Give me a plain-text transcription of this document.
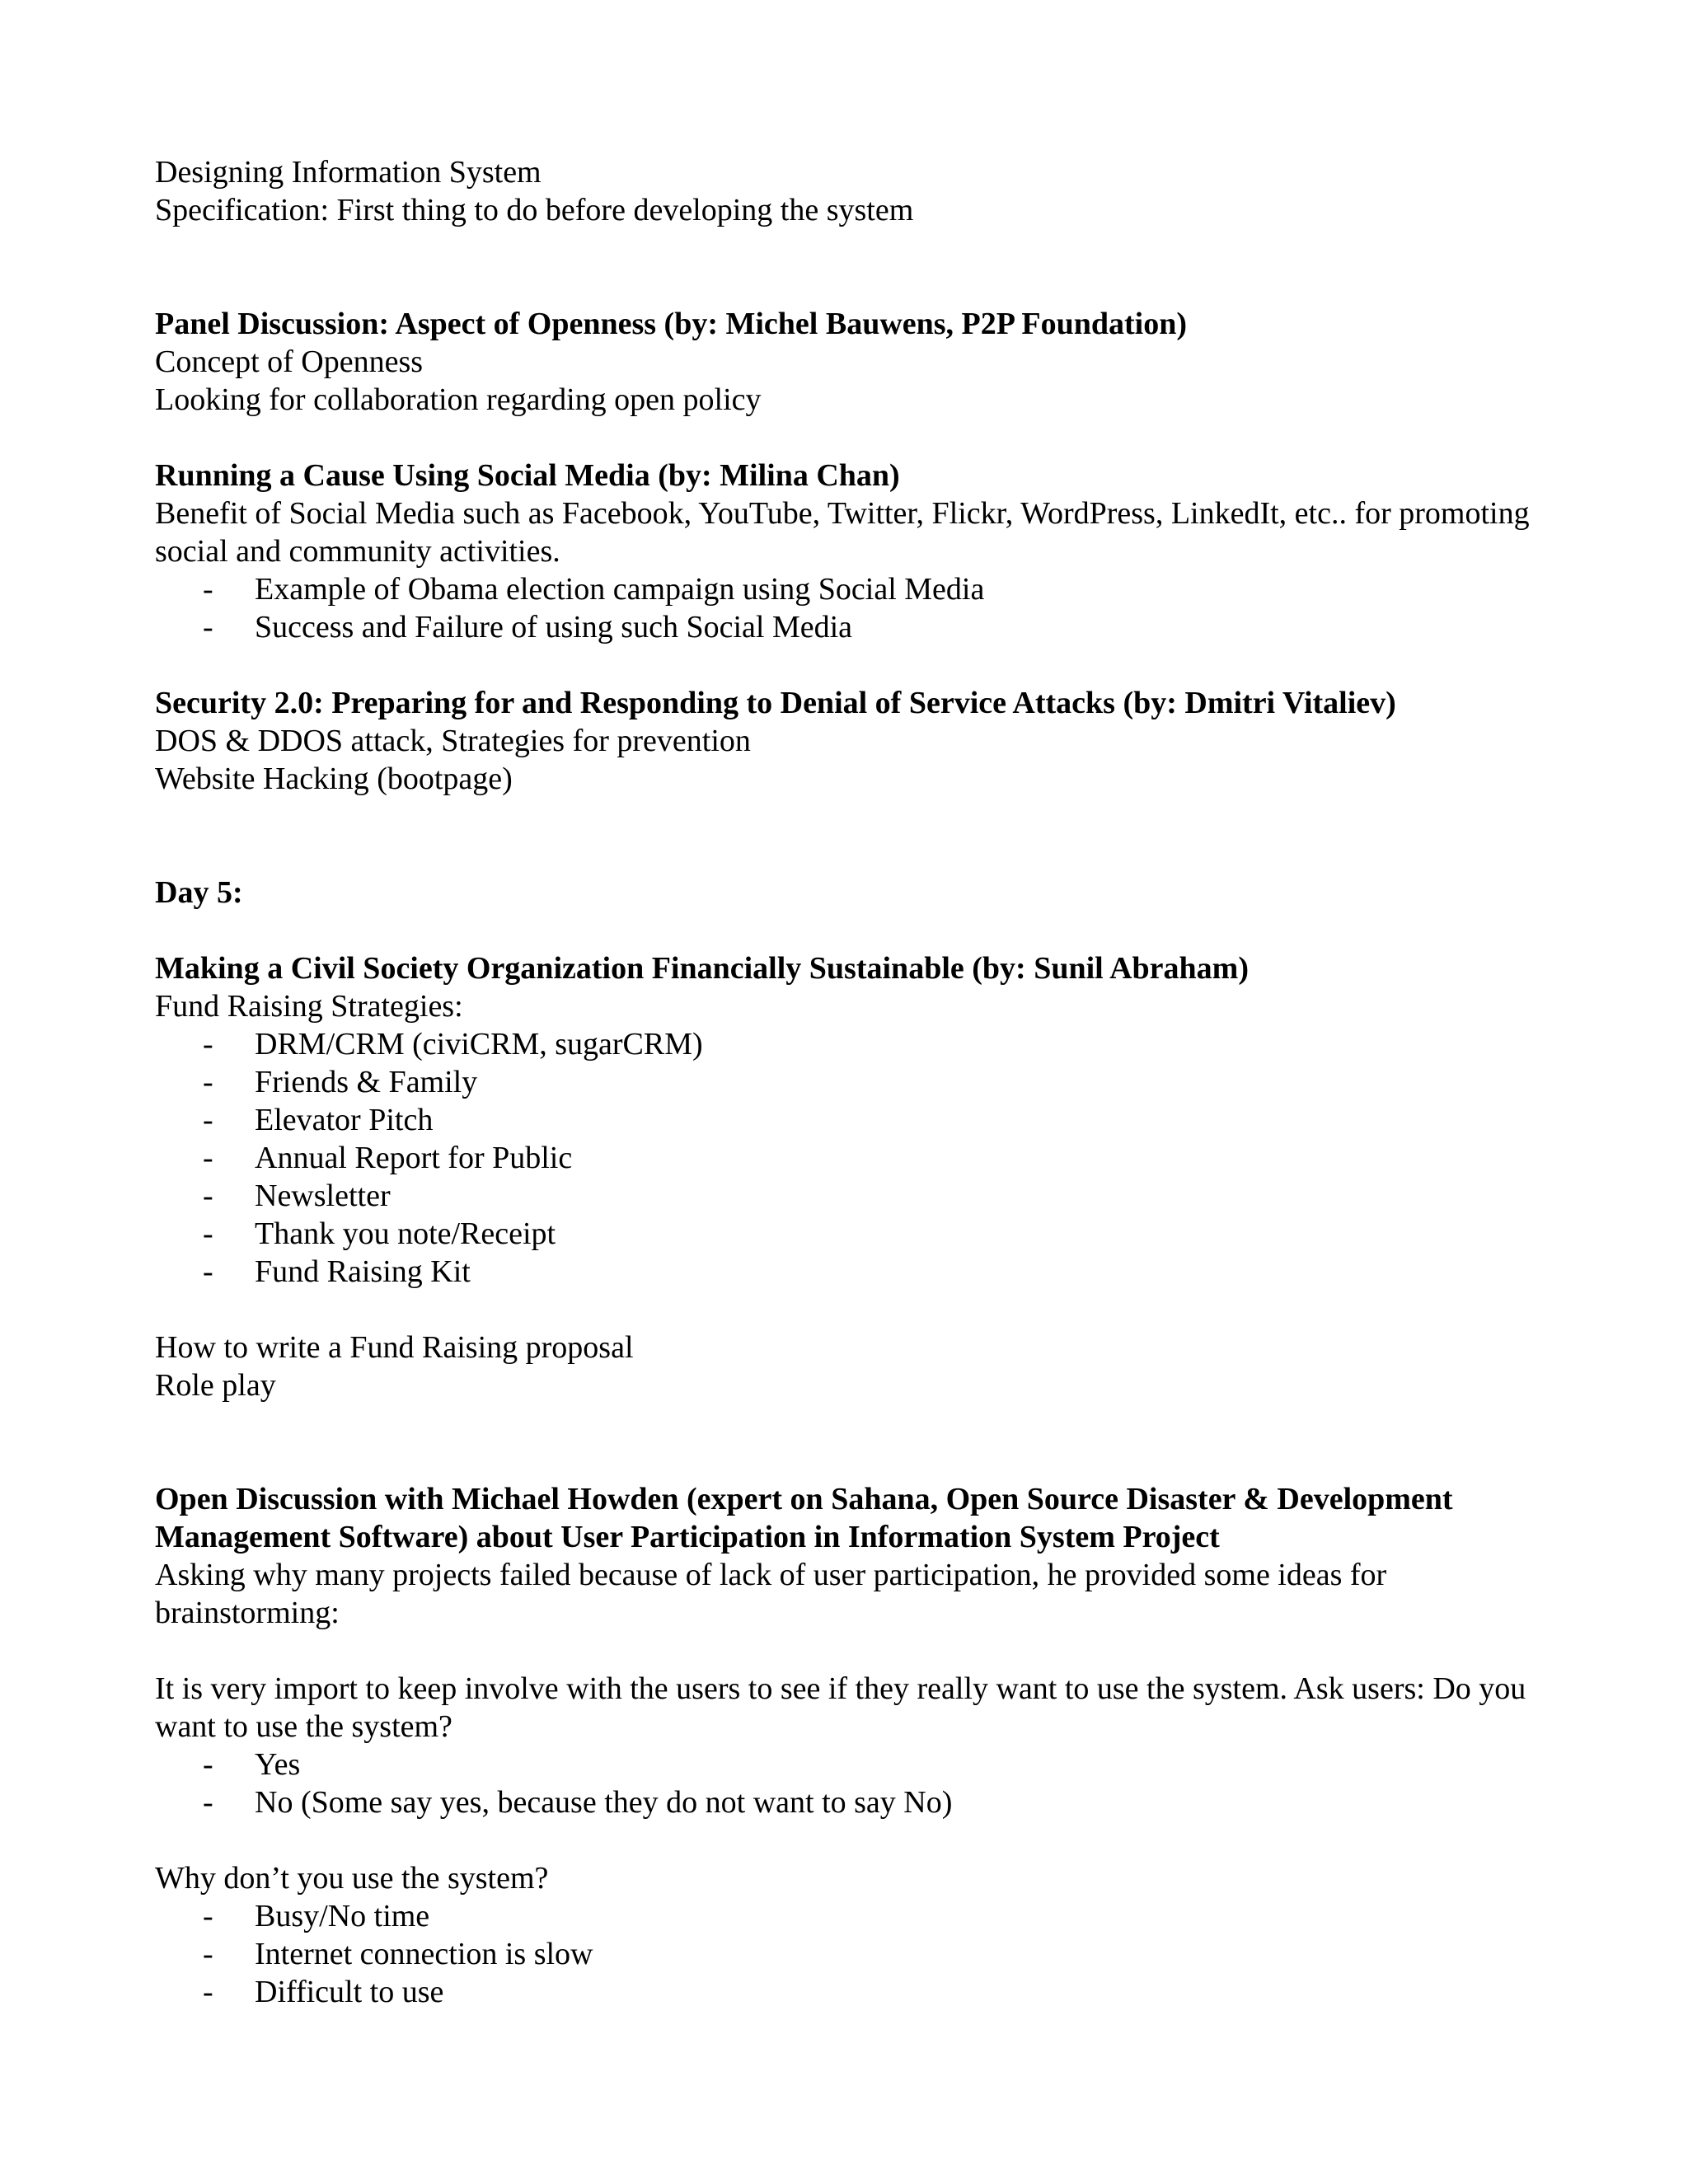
Designing Information System

Specification: First thing to do before developing the system

Panel Discussion: Aspect of Openness (by: Michel Bauwens, P2P Foundation)

Concept of Openness

Looking for collaboration regarding open policy

Running a Cause Using Social Media (by: Milina Chan)

Benefit of Social Media such as Facebook, YouTube, Twitter, Flickr, WordPress, LinkedIt, etc.. for promoting social and community activities.

- Example of Obama election campaign using Social Media
- Success and Failure of using such Social Media

Security 2.0: Preparing for and Responding to Denial of Service Attacks (by: Dmitri Vitaliev)

DOS & DDOS attack, Strategies for prevention

Website Hacking (bootpage)

Day 5:

Making a Civil Society Organization Financially Sustainable (by: Sunil Abraham)

Fund Raising Strategies:

- DRM/CRM (civiCRM, sugarCRM)
- Friends & Family
- Elevator Pitch
- Annual Report for Public
- Newsletter
- Thank you note/Receipt
- Fund Raising Kit

How to write a Fund Raising proposal

Role play

Open Discussion with Michael Howden (expert on Sahana, Open Source Disaster & Development Management Software) about User Participation in Information System Project

Asking why many projects failed because of lack of user participation, he provided some ideas for brainstorming:

It is very import to keep involve with the users to see if they really want to use the system. Ask users: Do you want to use the system?

- Yes
- No (Some say yes, because they do not want to say No)

Why don’t you use the system?

- Busy/No time
- Internet connection is slow
- Difficult to use
